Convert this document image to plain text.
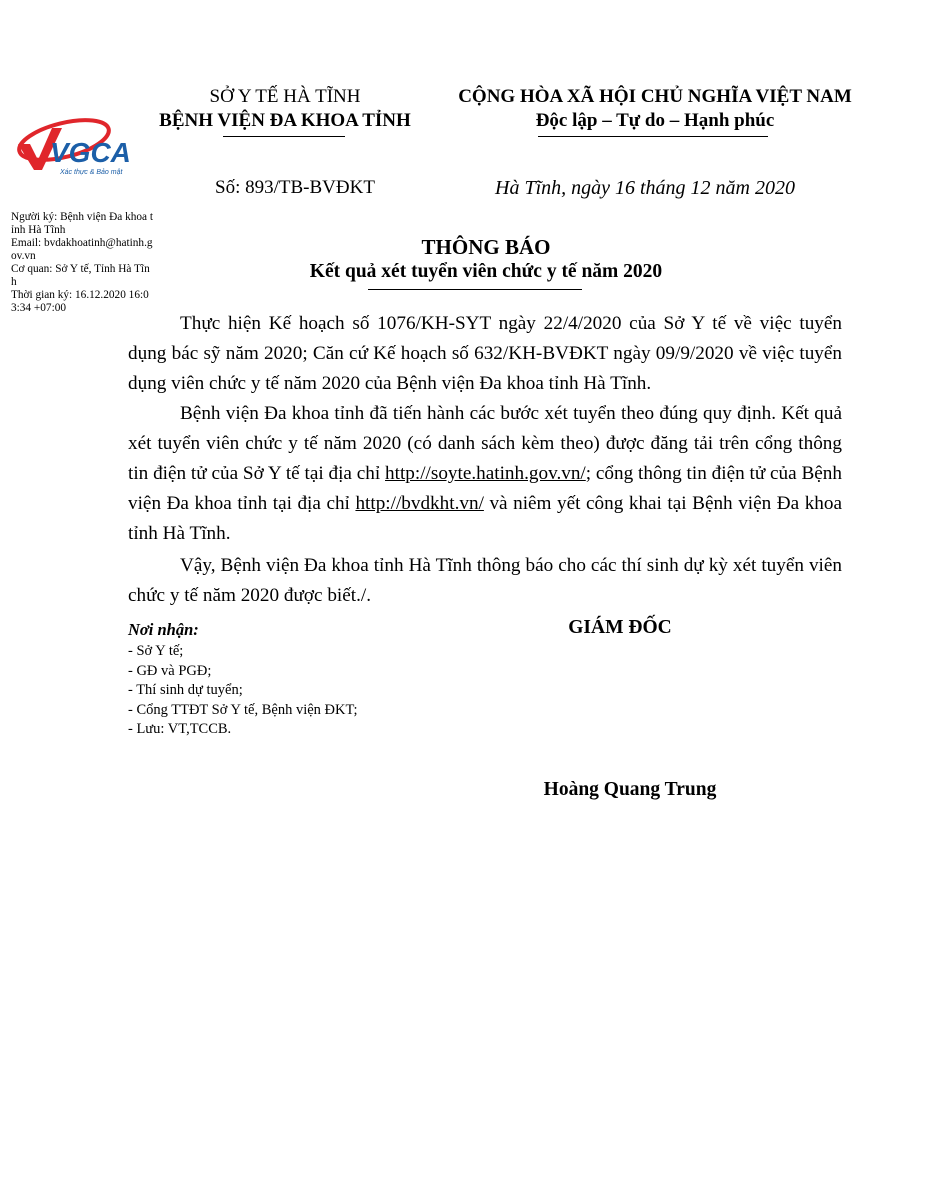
SỞ Y TẾ HÀ TĨNH
BỆNH VIỆN ĐA KHOA TỈNH
CỘNG HÒA XÃ HỘI CHỦ NGHĨA VIỆT NAM
Độc lập – Tự do – Hạnh phúc
Số: 893/TB-BVĐKT	Hà Tĩnh, ngày 16 tháng 12 năm 2020
VGCA
Xác thực & Bảo mật
Người ký: Bệnh viện Đa khoa tỉnh Hà Tĩnh
Email: bvdakhoatinh@hatinh.gov.vn
Cơ quan: Sở Y tế, Tỉnh Hà Tĩnh
Thời gian ký: 16.12.2020 16:03:34 +07:00
THÔNG BÁO
Kết quả xét tuyển viên chức y tế năm 2020

Thực hiện Kế hoạch số 1076/KH-SYT ngày 22/4/2020 của Sở Y tế về việc tuyển dụng bác sỹ năm 2020; Căn cứ Kế hoạch số 632/KH-BVĐKT ngày 09/9/2020 về việc tuyển dụng viên chức y tế năm 2020 của Bệnh viện Đa khoa tỉnh Hà Tĩnh.

Bệnh viện Đa khoa tỉnh đã tiến hành các bước xét tuyển theo đúng quy định. Kết quả xét tuyển viên chức y tế năm 2020 (có danh sách kèm theo) được đăng tải trên cổng thông tin điện tử của Sở Y tế tại địa chỉ http://soyte.hatinh.gov.vn/; cổng thông tin điện tử của Bệnh viện Đa khoa tỉnh tại địa chỉ http://bvdkht.vn/ và niêm yết công khai tại Bệnh viện Đa khoa tỉnh Hà Tĩnh.

Vậy, Bệnh viện Đa khoa tỉnh Hà Tĩnh thông báo cho các thí sinh dự kỳ xét tuyển viên chức y tế năm 2020 được biết./.

Nơi nhận:
- Sở Y tế;
- GĐ và PGĐ;
- Thí sinh dự tuyển;
- Cổng TTĐT Sở Y tế, Bệnh viện ĐKT;
- Lưu: VT,TCCB.
GIÁM ĐỐC
Hoàng Quang Trung
